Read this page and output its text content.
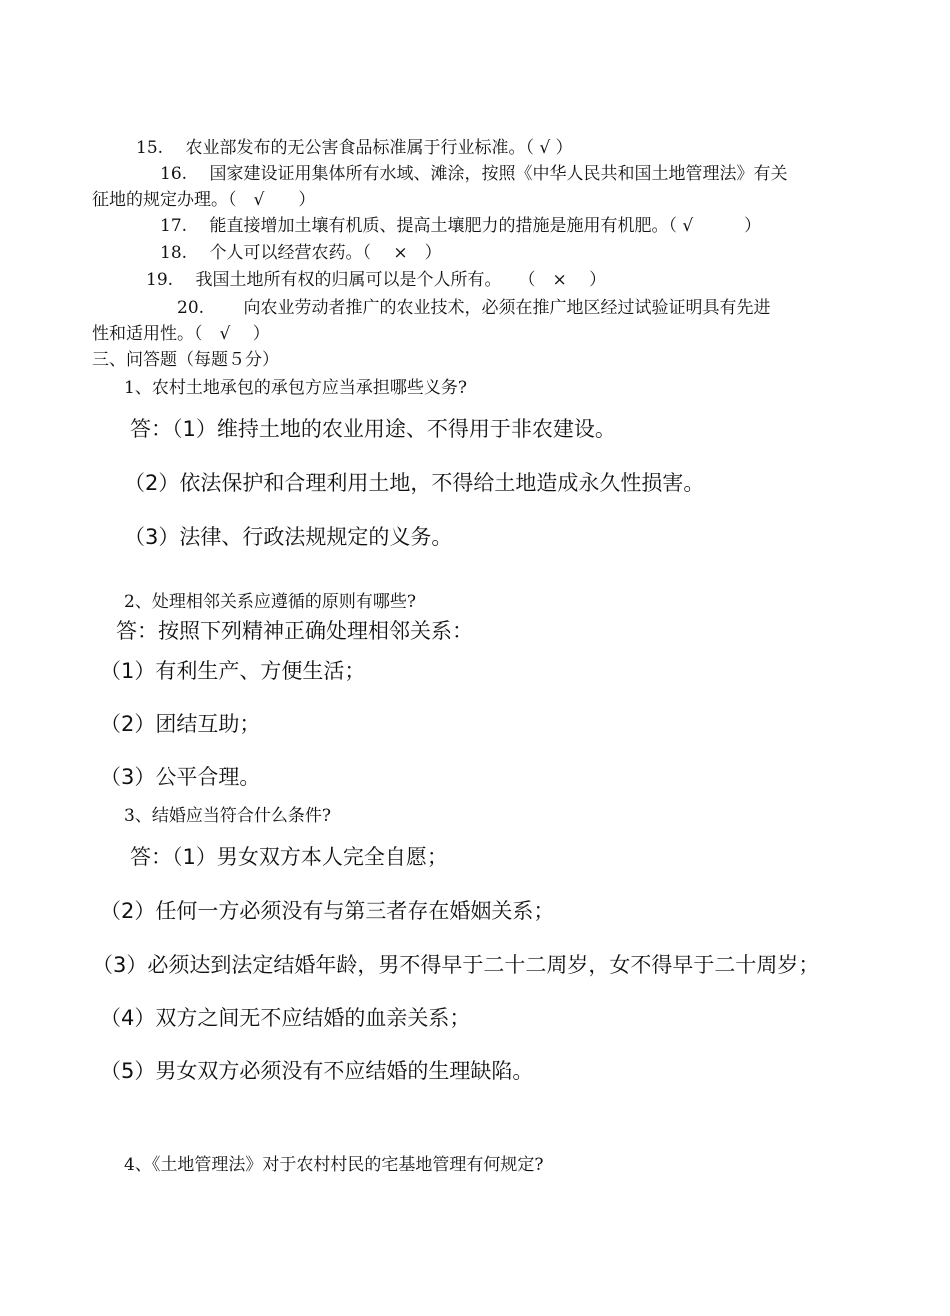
15.　 农业部发布的无公害食品标准属于行业标准。（ √ ）
16.　 国家建设证用集体所有水域、滩涂，按照《中华人民共和国土地管理法》有关
征地的规定办理。（　√　　）
17.　 能直接增加土壤有机质、提高土壤肥力的措施是施用有机肥。（ √　　　）
18.　 个人可以经营农药。（　 ×　）
19.　 我国土地所有权的归属可以是个人所有。　　（　×　 ）
20.　　 向农业劳动者推广的农业技术，必须在推广地区经过试验证明具有先进
性和适用性。（　√　 ）
三、问答题（每题５分）
1、农村土地承包的承包方应当承担哪些义务?
答：（1）维持土地的农业用途、不得用于非农建设。
（2）依法保护和合理利用土地，不得给土地造成永久性损害。
（3）法律、行政法规规定的义务。
2、处理相邻关系应遵循的原则有哪些?
答：按照下列精神正确处理相邻关系：
（1）有利生产、方便生活；
（2）团结互助；
（3）公平合理。
3、结婚应当符合什么条件?
答：（1）男女双方本人完全自愿；
（2）任何一方必须没有与第三者存在婚姻关系；
（3）必须达到法定结婚年龄，男不得早于二十二周岁，女不得早于二十周岁；
（4）双方之间无不应结婚的血亲关系；
（5）男女双方必须没有不应结婚的生理缺陷。
4、《土地管理法》对于农村村民的宅基地管理有何规定?
